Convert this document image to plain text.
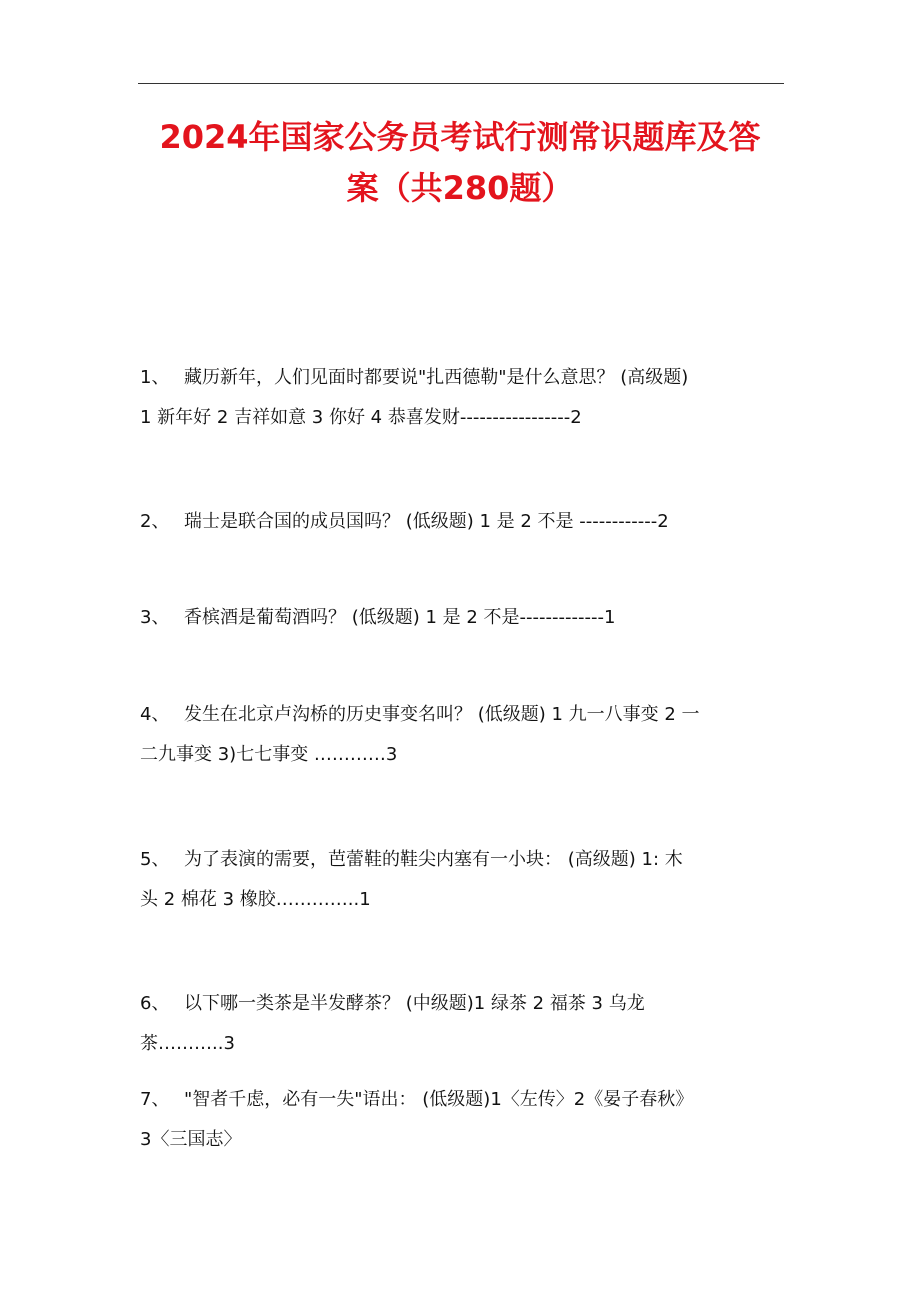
2024年国家公务员考试行测常识题库及答
案（共280题）
1、 藏历新年，人们见面时都要说"扎西德勒"是什么意思？ (高级题)
1 新年好 2 吉祥如意 3 你好 4 恭喜发财-----------------2
2、 瑞士是联合国的成员国吗？ (低级题) 1 是 2 不是 ------------2
3、 香槟酒是葡萄酒吗？ (低级题) 1 是 2 不是-------------1
4、 发生在北京卢沟桥的历史事变名叫？ (低级题) 1 九一八事变 2 一
二九事变 3)七七事变 …………3
5、 为了表演的需要，芭蕾鞋的鞋尖内塞有一小块： (高级题) 1: 木
头 2 棉花 3 橡胶…………..1
6、 以下哪一类茶是半发酵茶？ (中级题)1 绿茶 2 福茶 3 乌龙
茶………..3
7、 "智者千虑，必有一失"语出： (低级题)1〈左传〉2《晏子春秋》
3〈三国志〉
